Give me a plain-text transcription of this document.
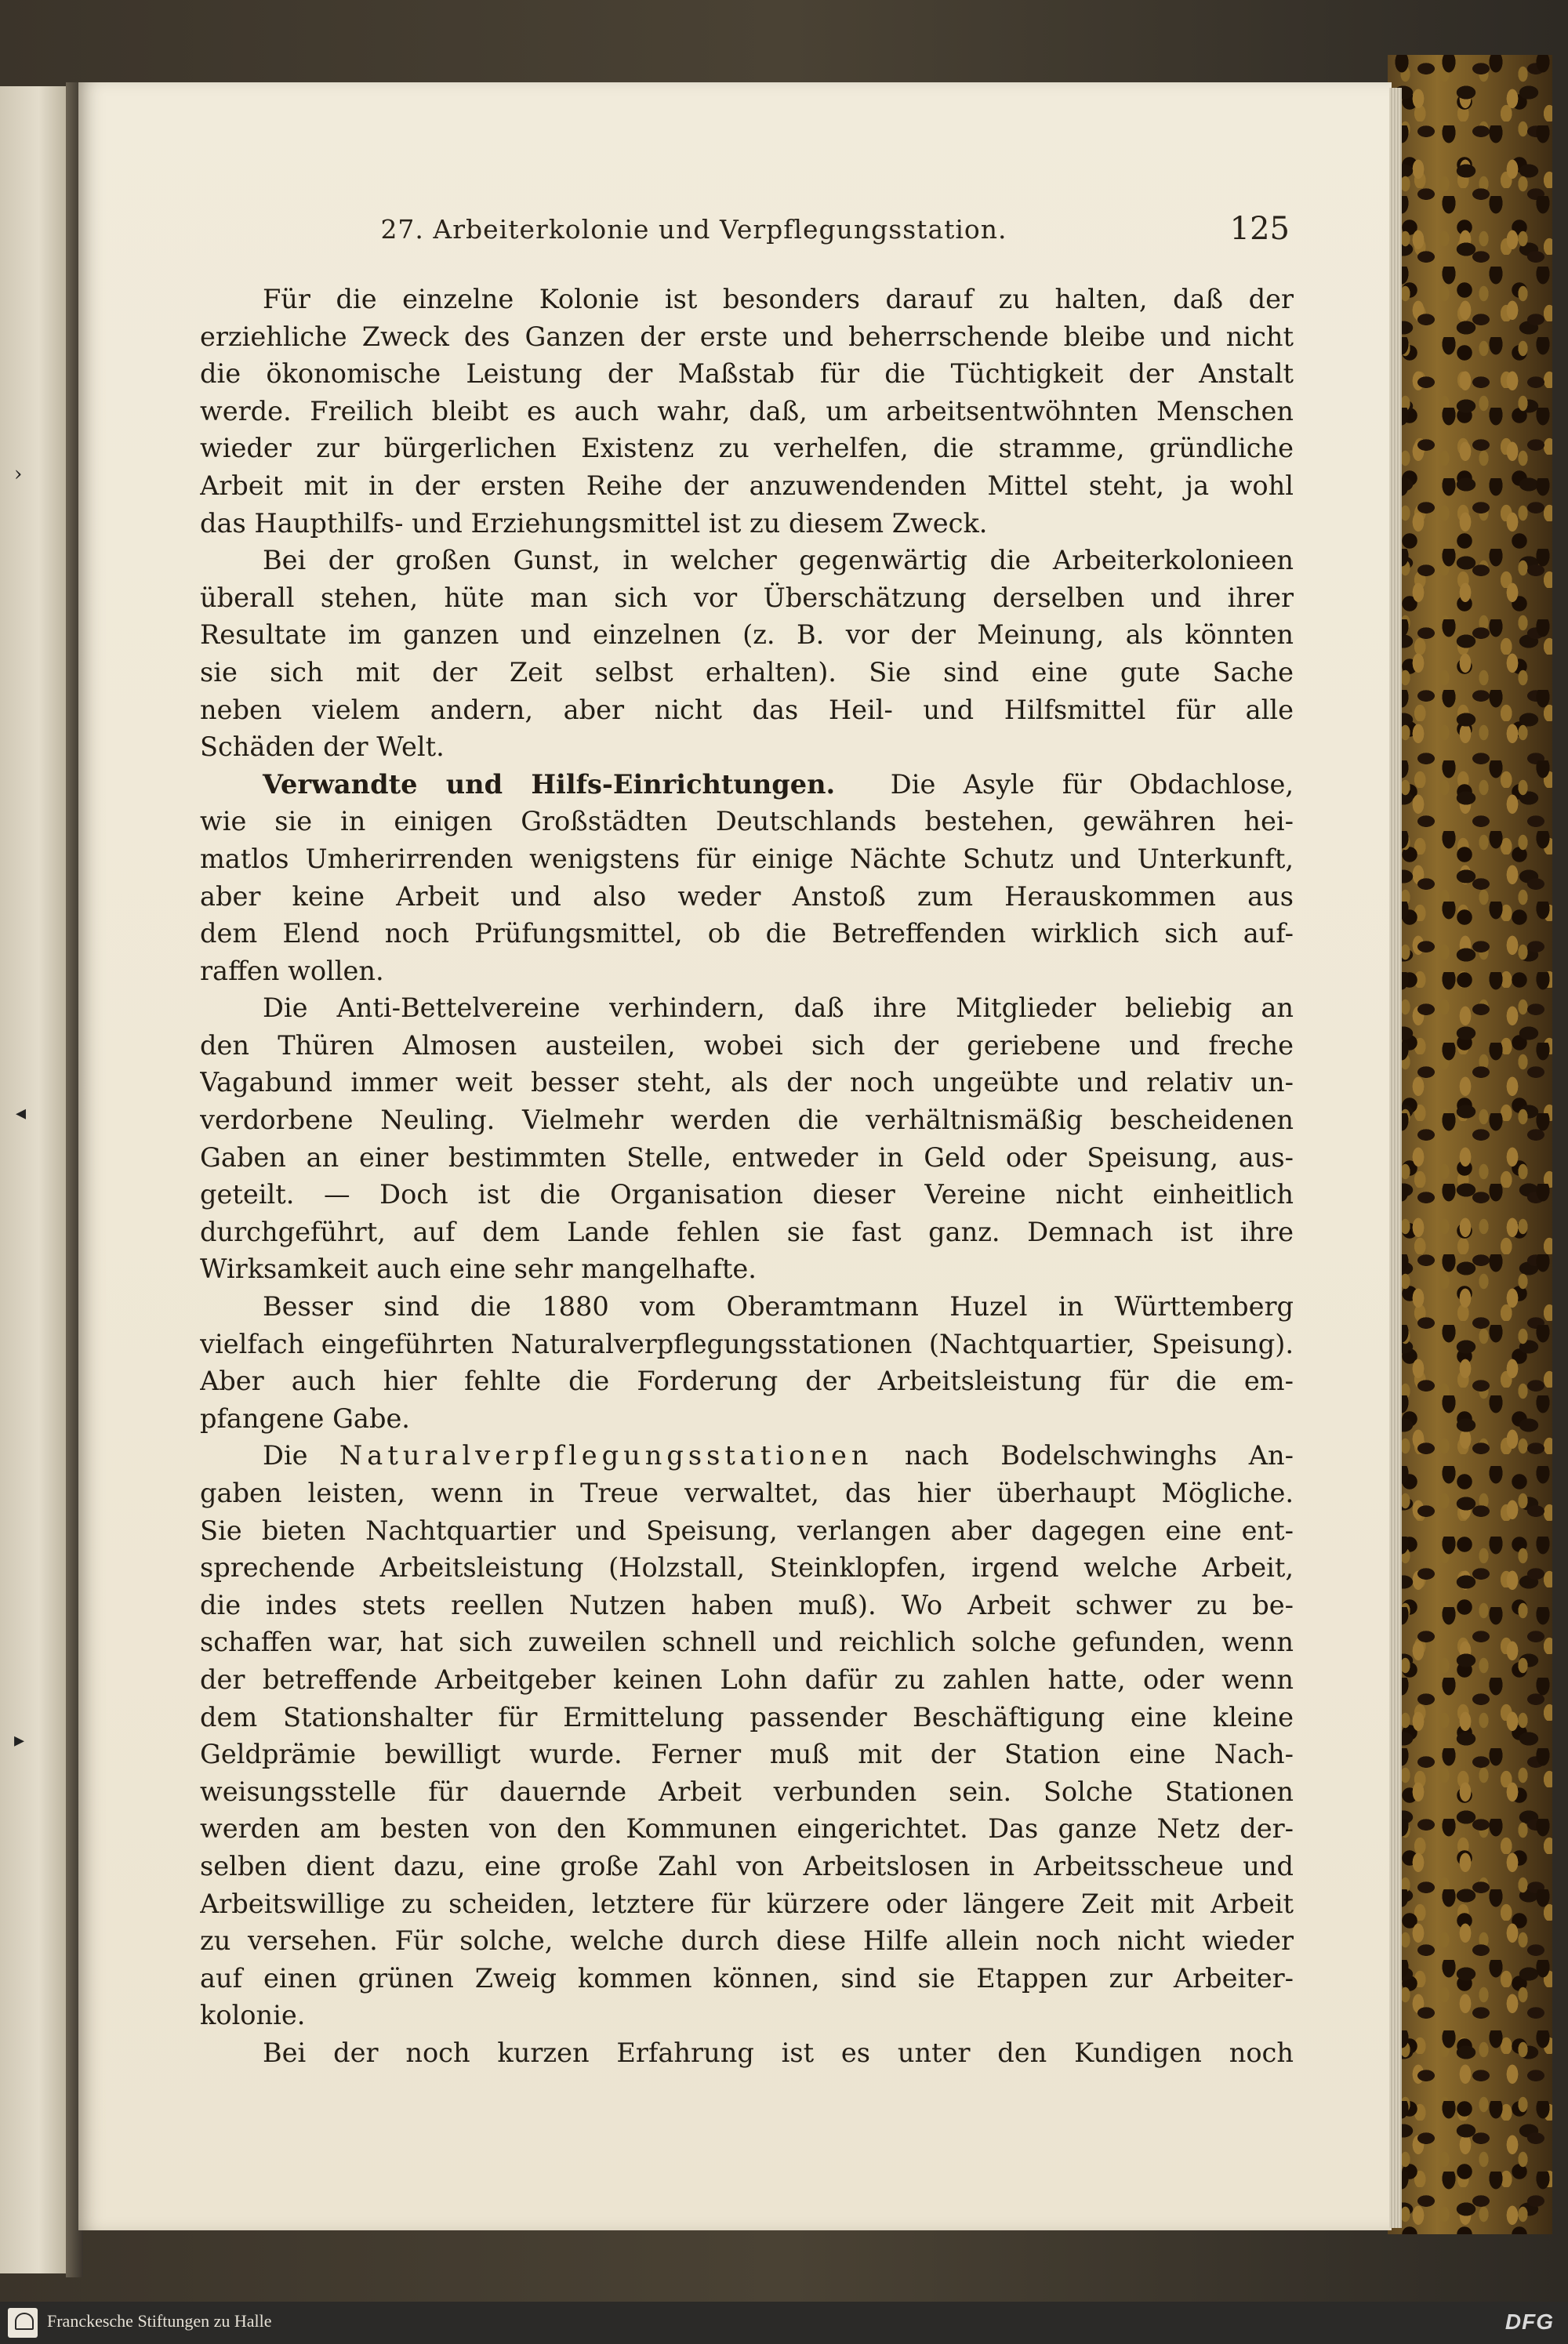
27. Arbeiterkolonie und Verpflegungsstation.	125
›
◂
▸
Für die einzelne Kolonie ist besonders darauf zu halten, daß der
erziehliche Zweck des Ganzen der erste und beherrschende bleibe und nicht
die ökonomische Leistung der Maßstab für die Tüchtigkeit der Anstalt
werde. Freilich bleibt es auch wahr, daß, um arbeitsentwöhnten Menschen
wieder zur bürgerlichen Existenz zu verhelfen, die stramme, gründliche
Arbeit mit in der ersten Reihe der anzuwendenden Mittel steht, ja wohl
das Haupthilfs- und Erziehungsmittel ist zu diesem Zweck.
Bei der großen Gunst, in welcher gegenwärtig die Arbeiterkolonieen
überall stehen, hüte man sich vor Überschätzung derselben und ihrer
Resultate im ganzen und einzelnen (z. B. vor der Meinung, als könnten
sie sich mit der Zeit selbst erhalten). Sie sind eine gute Sache
neben vielem andern, aber nicht das Heil- und Hilfsmittel für alle
Schäden der Welt.
Verwandte und Hilfs-Einrichtungen. Die Asyle für Obdachlose,
wie sie in einigen Großstädten Deutschlands bestehen, gewähren hei-
matlos Umherirrenden wenigstens für einige Nächte Schutz und Unterkunft,
aber keine Arbeit und also weder Anstoß zum Herauskommen aus
dem Elend noch Prüfungsmittel, ob die Betreffenden wirklich sich auf-
raffen wollen.
Die Anti-Bettelvereine verhindern, daß ihre Mitglieder beliebig an
den Thüren Almosen austeilen, wobei sich der geriebene und freche
Vagabund immer weit besser steht, als der noch ungeübte und relativ un-
verdorbene Neuling. Vielmehr werden die verhältnismäßig bescheidenen
Gaben an einer bestimmten Stelle, entweder in Geld oder Speisung, aus-
geteilt. — Doch ist die Organisation dieser Vereine nicht einheitlich
durchgeführt, auf dem Lande fehlen sie fast ganz. Demnach ist ihre
Wirksamkeit auch eine sehr mangelhafte.
Besser sind die 1880 vom Oberamtmann Huzel in Württemberg
vielfach eingeführten Naturalverpflegungsstationen (Nachtquartier, Speisung).
Aber auch hier fehlte die Forderung der Arbeitsleistung für die em-
pfangene Gabe.
Die Naturalverpflegungsstationen nach Bodelschwinghs An-
gaben leisten, wenn in Treue verwaltet, das hier überhaupt Mögliche.
Sie bieten Nachtquartier und Speisung, verlangen aber dagegen eine ent-
sprechende Arbeitsleistung (Holzstall, Steinklopfen, irgend welche Arbeit,
die indes stets reellen Nutzen haben muß). Wo Arbeit schwer zu be-
schaffen war, hat sich zuweilen schnell und reichlich solche gefunden, wenn
der betreffende Arbeitgeber keinen Lohn dafür zu zahlen hatte, oder wenn
dem Stationshalter für Ermittelung passender Beschäftigung eine kleine
Geldprämie bewilligt wurde. Ferner muß mit der Station eine Nach-
weisungsstelle für dauernde Arbeit verbunden sein. Solche Stationen
werden am besten von den Kommunen eingerichtet. Das ganze Netz der-
selben dient dazu, eine große Zahl von Arbeitslosen in Arbeitsscheue und
Arbeitswillige zu scheiden, letztere für kürzere oder längere Zeit mit Arbeit
zu versehen. Für solche, welche durch diese Hilfe allein noch nicht wieder
auf einen grünen Zweig kommen können, sind sie Etappen zur Arbeiter-
kolonie.
Bei der noch kurzen Erfahrung ist es unter den Kundigen noch
Franckesche Stiftungen zu Halle	DFG
